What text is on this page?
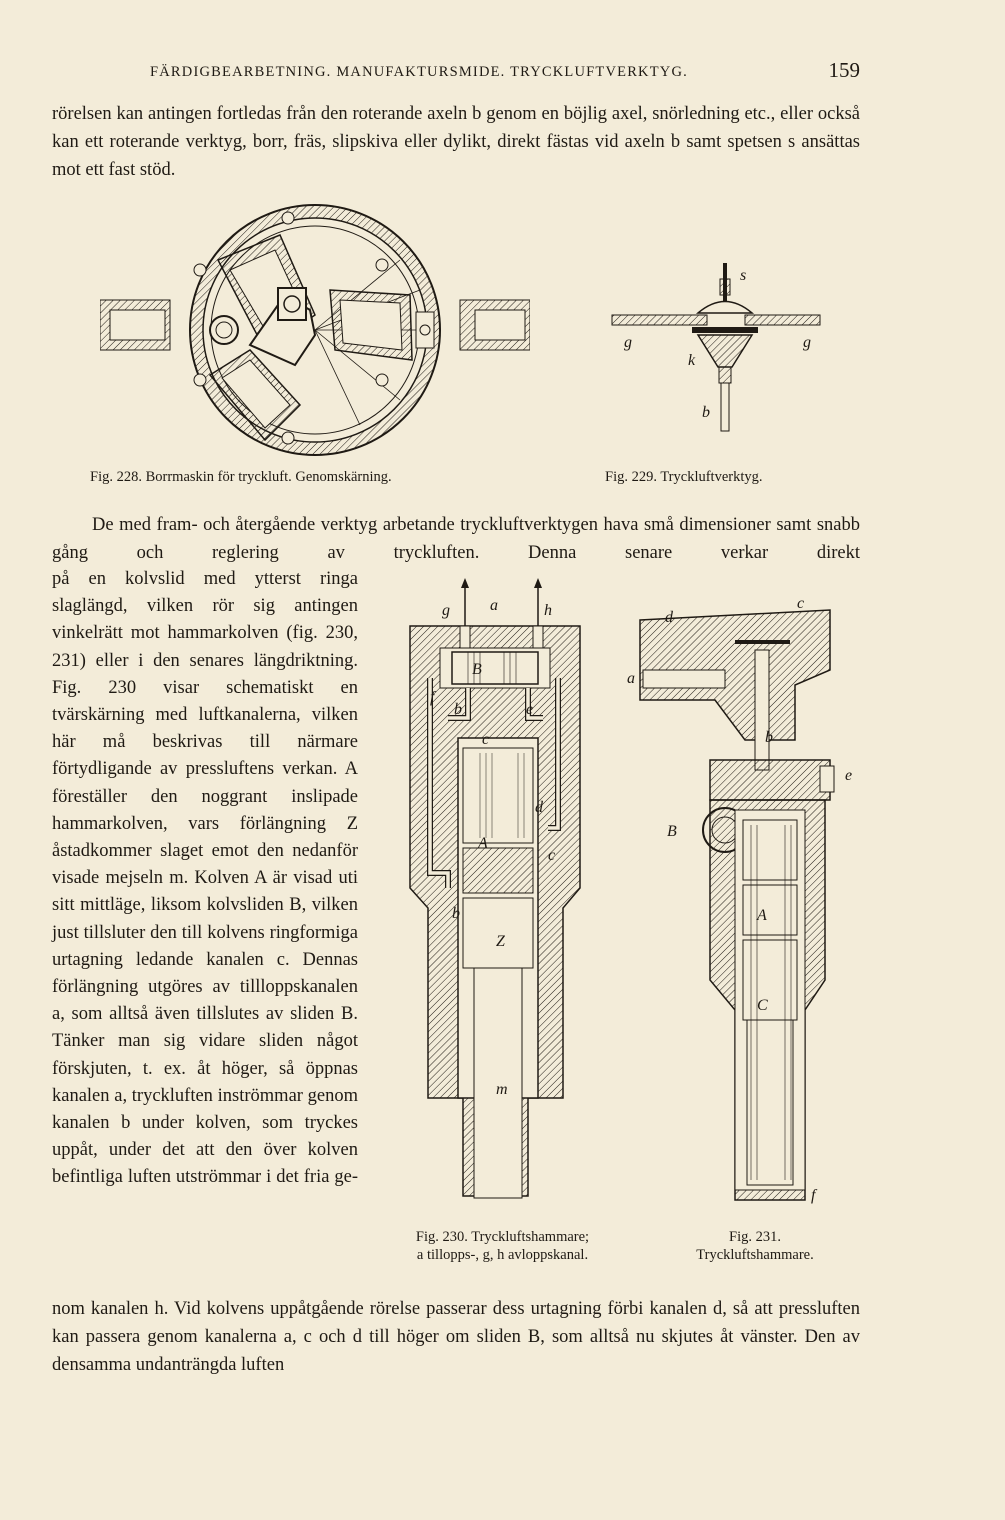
FÄRDIGBEARBETNING. MANUFAKTURSMIDE. TRYCKLUFTVERKTYG.	159

rörelsen kan antingen fortledas från den roterande axeln b genom en böjlig axel, snörledning etc., eller också kan ett roterande verktyg, borr, fräs, slipskiva eller dylikt, direkt fästas vid axeln b samt spetsen s ansättas mot ett fast stöd.

s
g
k
g
b
Fig. 228. Borrmaskin för tryckluft. Genomskärning.	Fig. 229. Tryckluftverktyg.

De med fram- och återgående verktyg arbetande tryckluftverktygen hava små dimensioner samt snabb gång och reglering av tryckluften. Denna senare verkar direkt

på en kolvslid med ytterst ringa slaglängd, vilken rör sig antingen vinkelrätt mot hammarkolven (fig. 230, 231) eller i den senares längdriktning. Fig. 230 visar schematiskt en tvärskärning med luftkanalerna, vilken här må beskrivas till närmare förtydligande av pressluftens verkan. A föreställer den noggrant inslipade hammarkolven, vars förlängning Z åstadkommer slaget emot den nedanför visade mejseln m. Kolven A är visad uti sitt mittläge, liksom kolvsliden B, vilken just tillsluter den till kolvens ringformiga urtagning ledande kanalen c. Dennas förlängning utgöres av tillloppskanalen a, som alltså även tillslutes av sliden B. Tänker man sig vidare sliden något förskjuten, t. ex. åt höger, så öppnas kanalen a, tryckluften inströmmar genom kanalen b under kolven, som tryckes uppåt, under det att den över kolven befintliga luften utströmmar i det fria ge-

g	a	h
B
f
b	e
c
d
c
A
b
Z
m
d
c
a
b
e
B
A
C
f
Fig. 230. Tryckluftshammare;
a tillopps-, g, h avloppskanal.
Fig. 231.
Tryckluftshammare.

nom kanalen h. Vid kolvens uppåtgående rörelse passerar dess urtagning förbi kanalen d, så att pressluften kan passera genom kanalerna a, c och d till höger om sliden B, som alltså nu skjutes åt vänster. Den av densamma undanträngda luften
